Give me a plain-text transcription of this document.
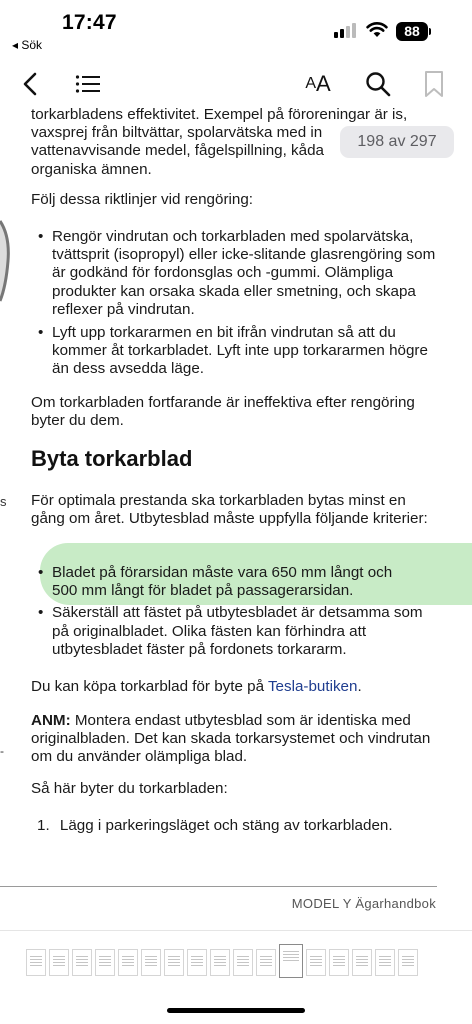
17:47
◂ Sök
88
A A
s
-

torkarbladens effektivitet. Exempel på föroreningar är is,

vaxsprej från biltvättar, spolarvätska med in

vattenavvisande medel, fågelspillning, kåda

organiska ämnen.

198 av 297
Följ dessa riktlinjer vid rengöring:
• Rengör vindrutan och torkarbladen med spolarvätska, tvättsprit (isopropyl) eller icke-slitande glasrengöring som är godkänd för fordonsglas och -gummi. Olämpliga produkter kan orsaka skada eller smetning, och skapa reflexer på vindrutan.
• Lyft upp torkararmen en bit ifrån vindrutan så att du kommer åt torkarbladet. Lyft inte upp torkararmen högre än dess avsedda läge.
Om torkarbladen fortfarande är ineffektiva efter rengöring byter du dem.
Byta torkarblad
För optimala prestanda ska torkarbladen bytas minst en gång om året. Utbytesblad måste uppfylla följande kriterier:
• Bladet på förarsidan måste vara 650 mm långt och 500 mm långt för bladet på passagerarsidan.
• Säkerställ att fästet på utbytesbladet är detsamma som på originalbladet. Olika fästen kan förhindra att utbytesbladet fäster på fordonets torkararm.
Du kan köpa torkarblad för byte på Tesla-butiken.
ANM: Montera endast utbytesblad som är identiska med originalbladen. Det kan skada torkarsystemet och vindrutan om du använder olämpliga blad.
Så här byter du torkarbladen:
1. Lägg i parkeringsläget och stäng av torkarbladen.
MODEL Y Ägarhandbok
